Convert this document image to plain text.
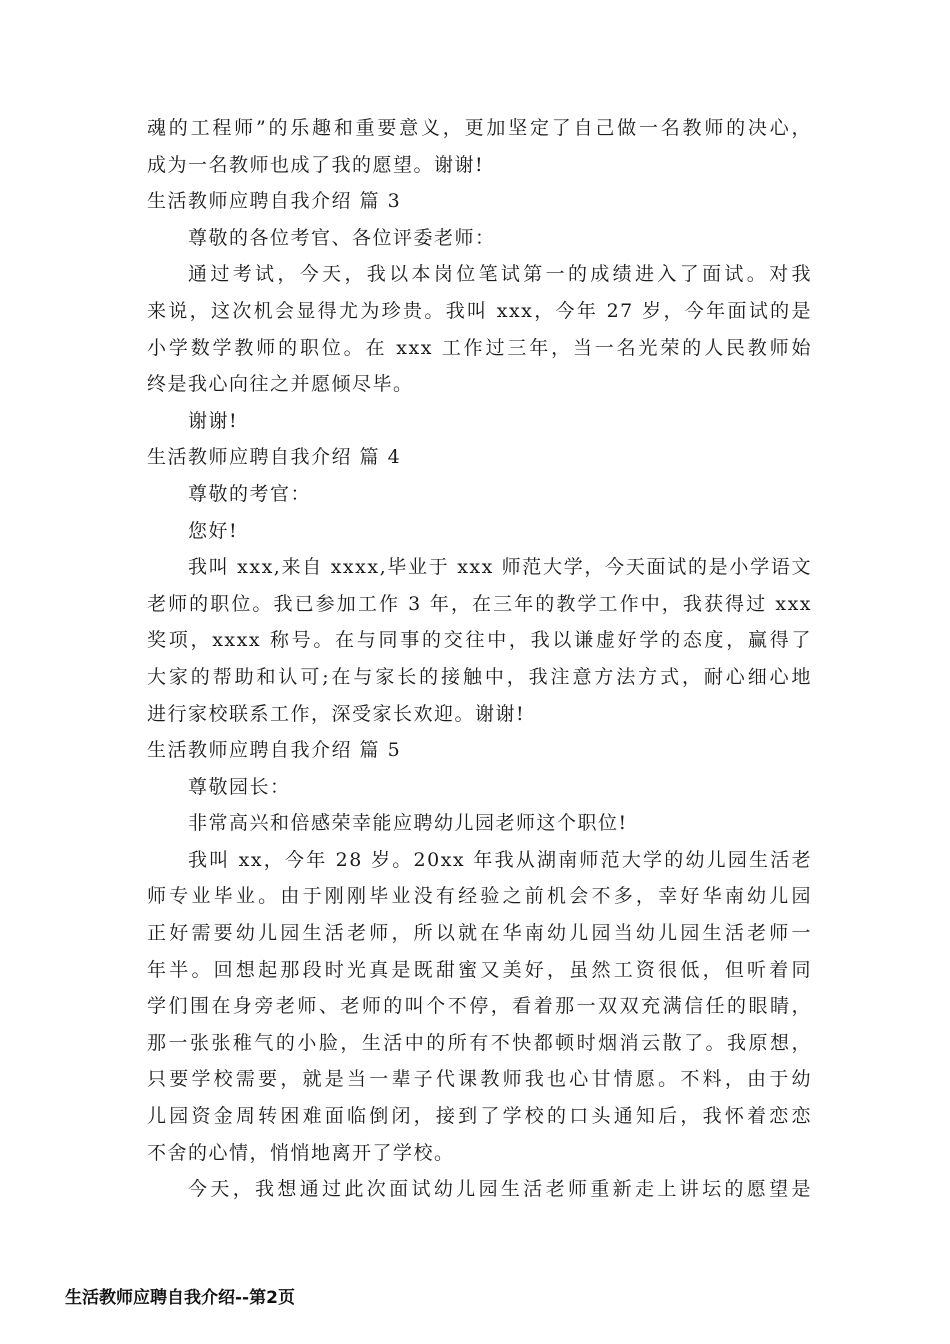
魂的工程师”的乐趣和重要意义，更加坚定了自己做一名教师的决心，
成为一名教师也成了我的愿望。谢谢!
生活教师应聘自我介绍 篇 3
尊敬的各位考官、各位评委老师：
通过考试，今天，我以本岗位笔试第一的成绩进入了面试。对我
来说，这次机会显得尤为珍贵。我叫 xxx，今年 27 岁，今年面试的是
小学数学教师的职位。在 xxx 工作过三年，当一名光荣的人民教师始
终是我心向往之并愿倾尽毕。
谢谢!
生活教师应聘自我介绍 篇 4
尊敬的考官：
您好!
我叫 xxx,来自 xxxx,毕业于 xxx 师范大学，今天面试的是小学语文
老师的职位。我已参加工作 3 年，在三年的教学工作中，我获得过 xxx
奖项，xxxx 称号。在与同事的交往中，我以谦虚好学的态度，赢得了
大家的帮助和认可;在与家长的接触中，我注意方法方式，耐心细心地
进行家校联系工作，深受家长欢迎。谢谢!
生活教师应聘自我介绍 篇 5
尊敬园长：
非常高兴和倍感荣幸能应聘幼儿园老师这个职位!
我叫 xx，今年 28 岁。20xx 年我从湖南师范大学的幼儿园生活老
师专业毕业。由于刚刚毕业没有经验之前机会不多，幸好华南幼儿园
正好需要幼儿园生活老师，所以就在华南幼儿园当幼儿园生活老师一
年半。回想起那段时光真是既甜蜜又美好，虽然工资很低，但听着同
学们围在身旁老师、老师的叫个不停，看着那一双双充满信任的眼睛，
那一张张稚气的小脸，生活中的所有不快都顿时烟消云散了。我原想，
只要学校需要，就是当一辈子代课教师我也心甘情愿。不料，由于幼
儿园资金周转困难面临倒闭，接到了学校的口头通知后，我怀着恋恋
不舍的心情，悄悄地离开了学校。
今天，我想通过此次面试幼儿园生活老师重新走上讲坛的愿望是
生活教师应聘自我介绍--第2页
